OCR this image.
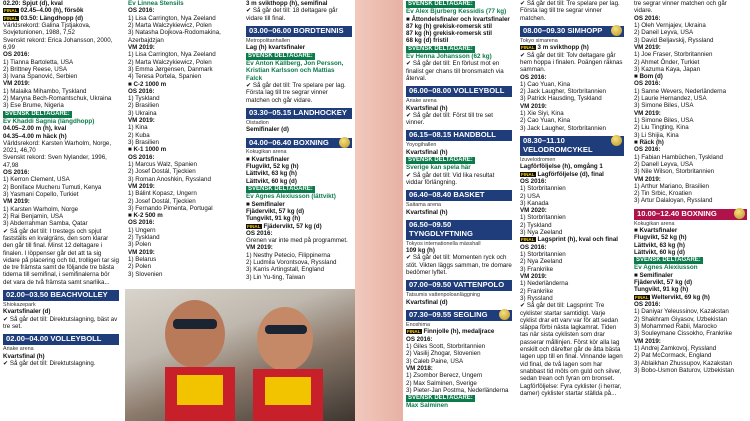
02.20: Spjut (d), kval
FINAL 02.45–4.00 (h), försök
FINAL 03.50: Längdhopp (d)
Världsrekord: Galina Tjstjakova, Sovjetunionen, 1988, 7,52
Svenskt rekord: Erica Johansson, 2000, 6,99
OS 2016:
1) Tianna Bartoletta, USA
2) Brittney Reese, USA
3) Ivana Španović, Serbien
VM 2019:
1) Malaika Mihambo, Tyskland
2) Maryna Bech-Romantschuk, Ukraina
3) Ese Brume, Nigeria
SVENSK DELTAGARE:
Ev Khaddi Sagnia (längdhopp)
04.05–2.00 m (h), kval
04.35–4.00 m häck (h)
Världsrekord: Karsten Warholm, Norge, 2021, 46,70
Svenskt rekord: Sven Nylander, 1996, 47,98
OS 2016:
1) Kerron Clement, USA
2) Boniface Mucheru Tumuti, Kenya
3) Yasmani Copello, Turkiet
VM 2019:
1) Karsten Warholm, Norge
2) Rai Benjamin, USA
3) Abderrahman Samba, Qatar
✔ Så går det till: I trestegs och spjut fastställs en kvalgräns, den som klarar den går till final. Minst 12 deltagare i finalen. I löppenser går det att ta sig vidare på placering och tid, trolligen tar sig de tre främsta samt de följande tre bästa tiderna till semifinal, i semifinalerna bör det vara de två främsta samt snarlika...
02.00–03.50 BEACHVOLLEY
Shiokazepark
Kvartsfinaler (d)
✔ Så går det till: Direktutslagning, bäst av tre set.
02.00–04.00 VOLLEYBOLL
Ariake arena
Kvartsfinal (h)
✔ Så går det till: Direktutslagning.
Ev Linnea Stensils
OS 2016:
1) Lisa Carrington, Nya Zeeland
2) Marta Walczykiewicz, Polen
3) Natasha Dojkova-Rodomakina, Azerbajdzjan
VM 2019:
1) Lisa Carrington, Nya Zeeland
2) Marta Walczykiewicz, Polen
3) Emma Jørgensen, Danmark
4) Teresa Portela, Spanien
■ C-2 1000 m
OS 2016:
1) Tyskland
2) Brasilien
3) Ukraina
VM 2019:
1) Kina
2) Kuba
3) Brasilien
■ K-1 1000 m
OS 2016:
1) Marcus Walz, Spanien
2) Josef Dostál, Tjeckien
3) Roman Anoshkin, Ryssland
VM 2019:
1) Bálint Kopasz, Ungern
2) Josef Dostál, Tjeckien
3) Fernando Pimenta, Portugal
■ K-2 500 m
OS 2016:
1) Ungern
2) Tyskland
3) Polen
VM 2019:
1) Belarus
2) Polen
3) Slovenien
3 m svikthopp (h), semifinal
✔ Så går det till: 18 deltagare går vidare till final.
03.00–06.00 BORDTENNIS
Metropolitanhallen
Lag (h) kvartsfinaler
SVENSK DELTAGARE:
Ev Anton Källberg, Jon Persson, Kristian Karlsson och Mattias Falck
✔ Så går det till: Tre spelare per lag. Första lag till tre segrar vinner matchen och går vidare.
03.30–05.15 LANDHOCKEY
Oistadion
Semifinaler (d)
04.00–06.40 BOXNING
Kokugikan arena
■ Kvartsfinaler
Flugvikt, 52 kg (h)
Lättvikt, 63 kg (h)
Lättvikt, 60 kg (d)
SVENSK DELTAGARE:
Ev Agnes Alexiusson (lättvikt)
■ Semifinaler
Fjädervikt, 57 kg (d)
Tungvikt, 91 kg (h)
FINAL Fjädervikt, 57 kg (d)
OS 2016:
Grenen var inte med på programmet.
VM 2019:
1) Nesthy Petecio, Filippinerna
2) Ludmila Vorontsova, Ryssland
3) Karris Artingstall, England
3) Lin Yu-ting, Taiwan
SVENSK DELTAGARE:
Ev Alex Bjurberg Kessidis (77 kg)
■ Åttondelsfinaler och kvartsfinaler
87 kg (h) grekisk-romersk stil
87 kg (h) grekisk-romersk stil
68 kg (d) fristil
SVENSK DELTAGARE:
Ev Henna Johansson (62 kg)
✔ Så går det till: En förlust mot en finalist ger chans till bronsmatch via återval.
06.00–08.00 VOLLEYBOLL
Ariake arena
Kvartsfinal (h)
✔ Så går det till: Först till tre set vinner.
06.15–08.15 HANDBOLL
Yoyogihallen
Kvartsfinal (h)
SVENSK DELTAGARE:
Sverige kan spela här
✔ Så går det till: Vid lika resultat viddar förlängning.
06.40–08.40 BASKET
Saitama arena
Kvartsfinal (h)
06.50–09.50 TYNGDLYFTNING
Tokyos internationella mässhall
109 kg (h)
✔ Så går det till: Momenten ryck och stöt. Vikten läggs samman, tre domare bedömer lyftet.
07.00–09.50 VATTENPOLO
Tatsumis vattenpoloanläggning
Kvartsfinal (d)
07.30–09.55 SEGLING
Enoshima
FINAL Finnjolle (h), medaljrace
OS 2016:
1) Giles Scott, Storbritannien
2) Vasilij Zhogar, Slovenien
3) Caleb Paine, USA
VM 2018:
1) Zsombor Berecz, Ungern
2) Max Salminen, Sverige
3) Pieter-Jan Postma, Nederländerna
SVENSK DELTAGARE:
Max Salminen
✔ Så går det till: Tre spelare per lag. Första lag till tre segrar vinner matchen.
08.00–09.30 SIMHOPP
Tokyo simarena
FINAL 3 m svikthopp (h)
✔ Så går det till: Tolv deltagare går hem hoppa i finalen. Poängen räknas samman.
OS 2016:
1) Cao Yuan, Kina
2) Jack Laugher, Storbritannien
3) Patrick Hausding, Tyskland
VM 2019:
1) Xie Siyi, Kina
2) Cao Yuan, Kina
3) Jack Laugher, Storbritannien
08.30–11.10 VELODROMCYKEL
Izuvelodromen
Lagförföljelse (h), omgång 1
FINAL Lagförföljelse (d), final
OS 2016:
1) Storbritannien
2) USA
3) Kanada
VM 2020:
1) Storbritannien
2) Tyskland
3) Nya Zeeland
FINAL Lagsprint (h), kval och final
OS 2016:
1) Storbritannien
2) Nya Zeeland
3) Frankrike
VM 2019:
1) Nederländerna
2) Frankrike
3) Ryssland
✔ Så går det till: Lagsprint: Tre cyklister startar samtidigt. Varje cyklist drar ett varv var för att sedan släppa förbi nästa lagkamrat. Tiden tas när sista cyklisten som drar passerar mållinjen. Först kör alla lag enskilt och därefter går de åtta bästa lagen upp till en final. Vinnande lagen vid final, de två lagen som har snabbast tid möts om guld och silver, sedan trean och fyran om bronset. Lagförföljelse: Fyra cyklister (i herrar, damer) cyklister startar ställda på...
tre segrar vinner matchen och går vidare.
OS 2016:
1) Oleh Vernjajev, Ukraina
2) Daneil Leyva, USA
3) David Beljavskij, Ryssland
VM 2019:
1) Joe Fraser, Storbritannien
2) Ahmet Önder, Turkiet
3) Kazuma Kaya, Japan
■ Bom (d)
OS 2016:
1) Sanne Wevers, Nederländerna
2) Laurie Hernandez, USA
3) Simone Biles, USA
VM 2019:
1) Simone Biles, USA
2) Liu Tingting, Kina
3) Li Shijia, Kina
■ Räck (h)
OS 2016:
1) Fabian Hambüchen, Tyskland
2) Danell Leyva, USA
3) Nile Wilson, Storbritannien
VM 2019:
1) Arthur Mariano, Brasilien
2) Tin Srbic, Kroatien
3) Artur Dalaloyan, Ryssland
10.00–12.40 BOXNING
Kokugikan arena
■ Kvartsfinaler
Flugvikt, 52 kg (h)
Lättvikt, 63 kg (h)
Lättvikt, 60 kg (d)
SVENSK DELTAGARE:
Ev Agnes Alexiusson
■ Semifinaler
Fjädervikt, 57 kg (d)
Tungvikt, 91 kg (h)
FINAL Weltervikt, 69 kg (h)
OS 2016:
1) Daniyar Yeleussinov, Kazakstan
2) Shakhram Giyasov, Uzbekistan
3) Mohammed Rabii, Marocko
3) Souleymane Cissokho, Frankrike
VM 2019:
1) Andrej Zamkovoj, Ryssland
2) Pat McCormack, England
3) Ablaikhan Zhussupov, Kazakstan
3) Bobo-Usmon Baturov, Uzbekistan
